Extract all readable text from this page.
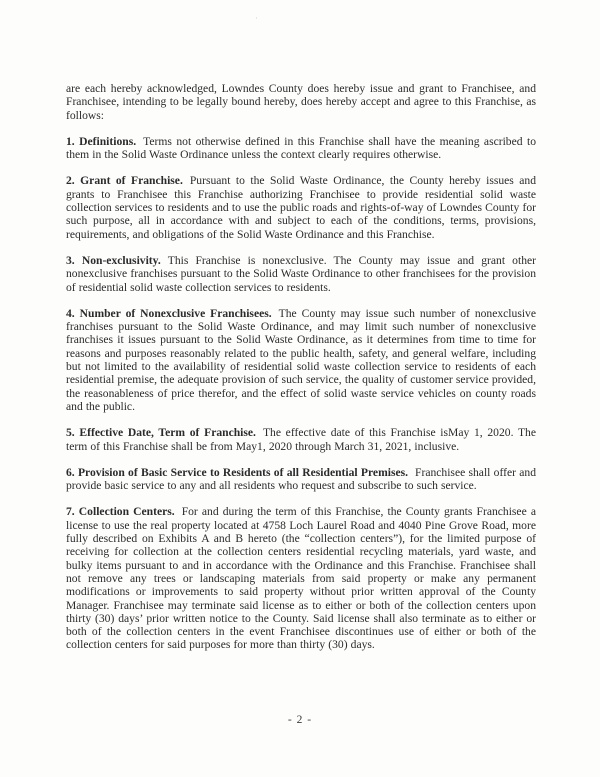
·

are each hereby acknowledged, Lowndes County does hereby issue and grant to Franchisee, and Franchisee, intending to be legally bound hereby, does hereby accept and agree to this Franchise, as follows:

1. Definitions. Terms not otherwise defined in this Franchise shall have the meaning ascribed to them in the Solid Waste Ordinance unless the context clearly requires otherwise.

2. Grant of Franchise. Pursuant to the Solid Waste Ordinance, the County hereby issues and grants to Franchisee this Franchise authorizing Franchisee to provide residential solid waste collection services to residents and to use the public roads and rights-of-way of Lowndes County for such purpose, all in accordance with and subject to each of the conditions, terms, provisions, requirements, and obligations of the Solid Waste Ordinance and this Franchise.

3. Non-exclusivity. This Franchise is nonexclusive. The County may issue and grant other nonexclusive franchises pursuant to the Solid Waste Ordinance to other franchisees for the provision of residential solid waste collection services to residents.

4. Number of Nonexclusive Franchisees. The County may issue such number of nonexclusive franchises pursuant to the Solid Waste Ordinance, and may limit such number of nonexclusive franchises it issues pursuant to the Solid Waste Ordinance, as it determines from time to time for reasons and purposes reasonably related to the public health, safety, and general welfare, including but not limited to the availability of residential solid waste collection service to residents of each residential premise, the adequate provision of such service, the quality of customer service provided, the reasonableness of price therefor, and the effect of solid waste service vehicles on county roads and the public.

5. Effective Date, Term of Franchise. The effective date of this Franchise isMay 1, 2020. The term of this Franchise shall be from May1, 2020 through March 31, 2021, inclusive.

6. Provision of Basic Service to Residents of all Residential Premises. Franchisee shall offer and provide basic service to any and all residents who request and subscribe to such service.

7. Collection Centers. For and during the term of this Franchise, the County grants Franchisee a license to use the real property located at 4758 Loch Laurel Road and 4040 Pine Grove Road, more fully described on Exhibits A and B hereto (the “collection centers”), for the limited purpose of receiving for collection at the collection centers residential recycling materials, yard waste, and bulky items pursuant to and in accordance with the Ordinance and this Franchise. Franchisee shall not remove any trees or landscaping materials from said property or make any permanent modifications or improvements to said property without prior written approval of the County Manager. Franchisee may terminate said license as to either or both of the collection centers upon thirty (30) days’ prior written notice to the County. Said license shall also terminate as to either or both of the collection centers in the event Franchisee discontinues use of either or both of the collection centers for said purposes for more than thirty (30) days.

- 2 -
